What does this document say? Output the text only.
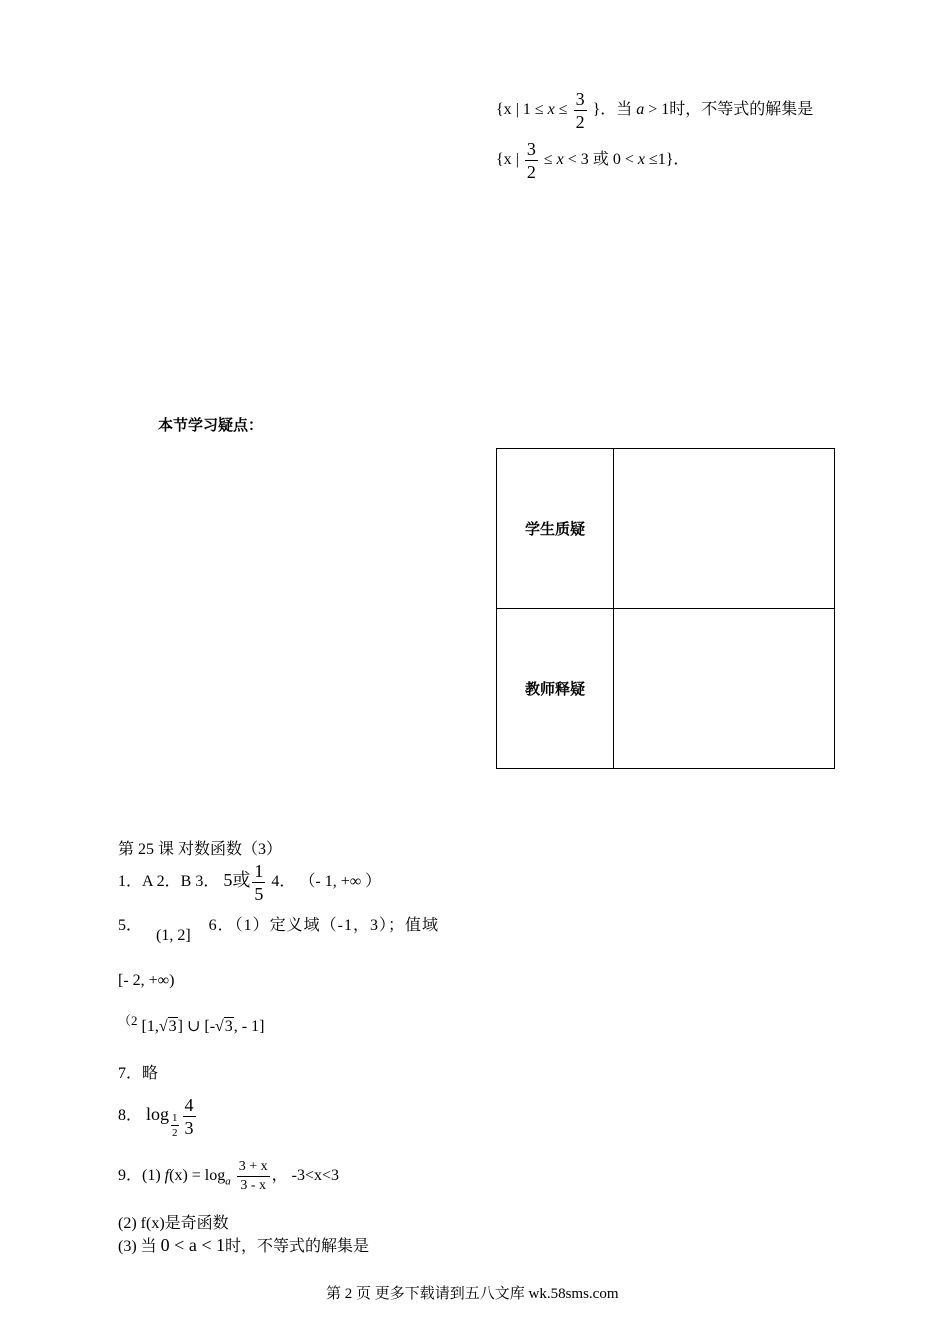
{x | $1 \le x \le \frac{3}{2}$ }．当 a > 1时，不等式的解集是
{x | $\frac{3}{2} \le x < 3$ 或 0 < x ≤1}．
本节学习疑点：
学生质疑	
教师释疑	
第 25 课 对数函数（3）
1．A 2．B 3． 5或 $\frac{1}{5} 4$． （- 1, +∞ ）
5． (1, 2] 6．（1）定义域（-1，3）；值域
[- 2, +∞)
$^{(2}$ [1,√3] ∪ [-√3, - 1]
7．略
8． $\log \frac{1}{2} \frac{4}{3}$
9．(1) $f(x) = \log_a \frac{3 + x}{3 - x}$ ， -3<x<3
(2) f(x)是奇函数
(3) 当 0 < a < 1时，不等式的解集是
第 2 页 更多下载请到五八文库 wk.58sms.com
